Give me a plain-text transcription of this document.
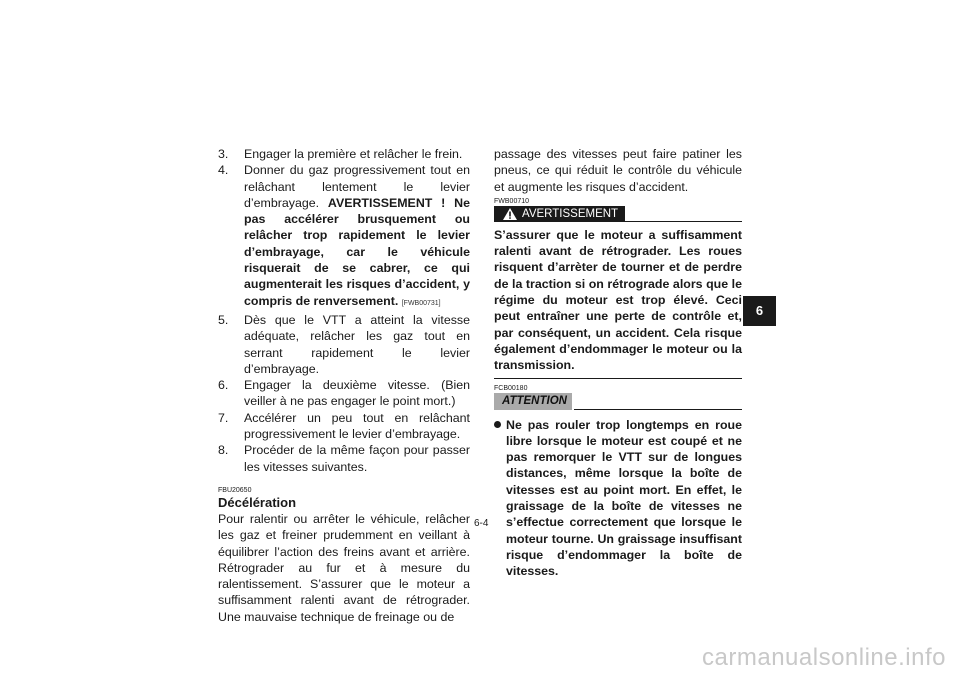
3. Engager la première et relâcher le frein.
4. Donner du gaz progressivement tout en relâchant lentement le levier d’embrayage. AVERTISSEMENT ! Ne pas accélérer brusquement ou relâcher trop rapidement le levier d’embrayage, car le véhicule risquerait de se cabrer, ce qui augmenterait les risques d’accident, y compris de renversement. [FWB00731]
5. Dès que le VTT a atteint la vitesse adéquate, relâcher les gaz tout en serrant rapidement le levier d’embrayage.
6. Engager la deuxième vitesse. (Bien veiller à ne pas engager le point mort.)
7. Accélérer un peu tout en relâchant progressivement le levier d’embrayage.
8. Procéder de la même façon pour passer les vitesses suivantes.
FBU20650
Décélération
Pour ralentir ou arrêter le véhicule, relâcher les gaz et freiner prudemment en veillant à équilibrer l’action des freins avant et arrière. Rétrograder au fur et à mesure du ralentissement. S’assurer que le moteur a suffisamment ralenti avant de rétrograder. Une mauvaise technique de freinage ou de
passage des vitesses peut faire patiner les pneus, ce qui réduit le contrôle du véhicule et augmente les risques d’accident.
FWB00710
AVERTISSEMENT
S’assurer que le moteur a suffisamment ralenti avant de rétrograder. Les roues risquent d’arrèter de tourner et de perdre de la traction si on rétrograde alors que le régime du moteur est trop élevé. Ceci peut entraîner une perte de contrôle et, par conséquent, un accident. Cela risque également d’endommager le moteur ou la transmission.
FCB00180
ATTENTION
Ne pas rouler trop longtemps en roue libre lorsque le moteur est coupé et ne pas remorquer le VTT sur de longues distances, même lorsque la boîte de vitesses est au point mort. En effet, le graissage de la boîte de vitesses ne s’effectue correctement que lorsque le moteur tourne. Un graissage insuffisant risque d’endommager la boîte de vitesses.
6-4
6
carmanualsonline.info
